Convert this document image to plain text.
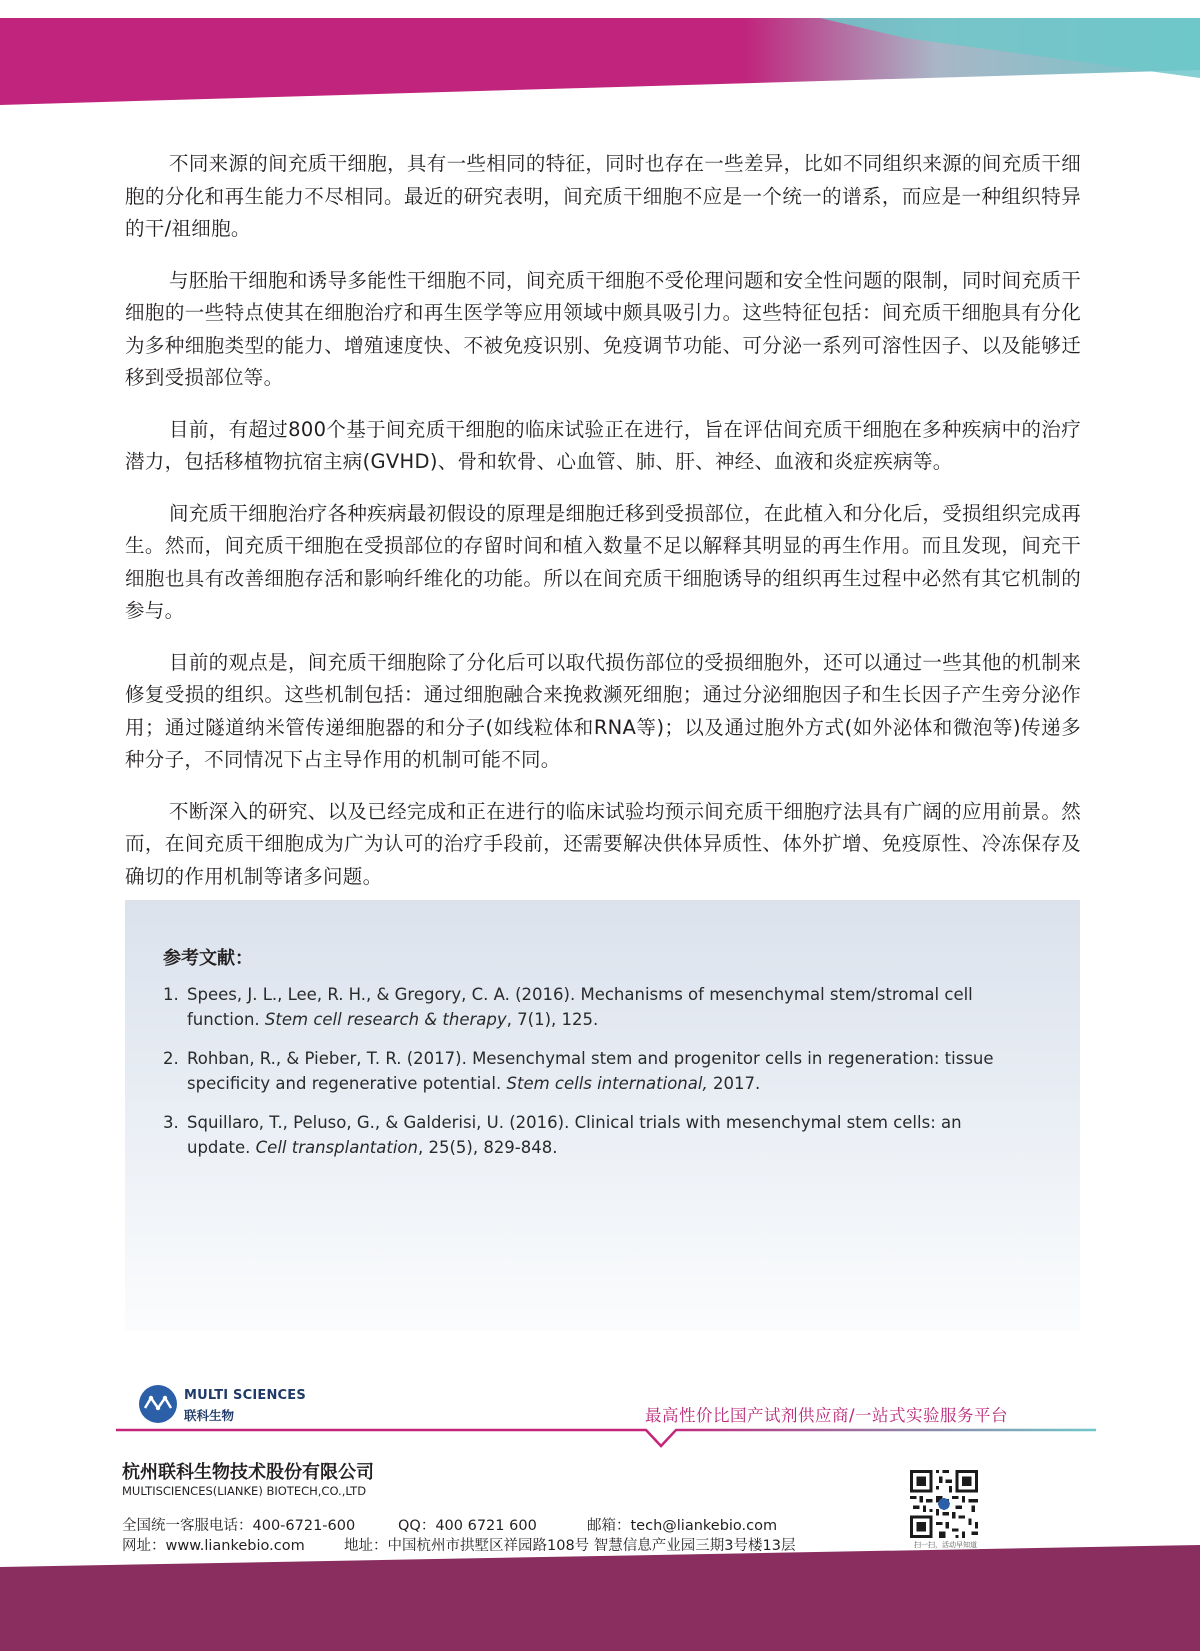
不同来源的间充质干细胞，具有一些相同的特征，同时也存在一些差异，比如不同组织来源的间充质干细胞的分化和再生能力不尽相同。最近的研究表明，间充质干细胞不应是一个统一的谱系，而应是一种组织特异的干/祖细胞。

与胚胎干细胞和诱导多能性干细胞不同，间充质干细胞不受伦理问题和安全性问题的限制，同时间充质干细胞的一些特点使其在细胞治疗和再生医学等应用领域中颇具吸引力。这些特征包括：间充质干细胞具有分化为多种细胞类型的能力、增殖速度快、不被免疫识别、免疫调节功能、可分泌一系列可溶性因子、以及能够迁移到受损部位等。

目前，有超过800个基于间充质干细胞的临床试验正在进行，旨在评估间充质干细胞在多种疾病中的治疗潜力，包括移植物抗宿主病(GVHD)、骨和软骨、心血管、肺、肝、神经、血液和炎症疾病等。

间充质干细胞治疗各种疾病最初假设的原理是细胞迁移到受损部位，在此植入和分化后，受损组织完成再生。然而，间充质干细胞在受损部位的存留时间和植入数量不足以解释其明显的再生作用。而且发现，间充干细胞也具有改善细胞存活和影响纤维化的功能。所以在间充质干细胞诱导的组织再生过程中必然有其它机制的参与。

目前的观点是，间充质干细胞除了分化后可以取代损伤部位的受损细胞外，还可以通过一些其他的机制来修复受损的组织。这些机制包括：通过细胞融合来挽救濒死细胞；通过分泌细胞因子和生长因子产生旁分泌作用；通过隧道纳米管传递细胞器的和分子(如线粒体和RNA等)；以及通过胞外方式(如外泌体和微泡等)传递多种分子，不同情况下占主导作用的机制可能不同。

不断深入的研究、以及已经完成和正在进行的临床试验均预示间充质干细胞疗法具有广阔的应用前景。然而，在间充质干细胞成为广为认可的治疗手段前，还需要解决供体异质性、体外扩增、免疫原性、冷冻保存及确切的作用机制等诸多问题。

参考文献：
1. Spees, J. L., Lee, R. H., & Gregory, C. A. (2016). Mechanisms of mesenchymal stem/stromal cell function. Stem cell research & therapy, 7(1), 125.
2. Rohban, R., & Pieber, T. R. (2017). Mesenchymal stem and progenitor cells in regeneration: tissue specificity and regenerative potential. Stem cells international, 2017.
3. Squillaro, T., Peluso, G., & Galderisi, U. (2016). Clinical trials with mesenchymal stem cells: an update. Cell transplantation, 25(5), 829-848.
MULTI SCIENCES
联科生物	最高性价比国产试剂供应商/一站式实验服务平台
杭州联科生物技术股份有限公司
MULTISCIENCES(LIANKE) BIOTECH,CO.,LTD
全国统一客服电话：400-6721-600	QQ：400 6721 600	邮箱：tech@liankebio.com
网址：www.liankebio.com	地址：中国杭州市拱墅区祥园路108号 智慧信息产业园三期3号楼13层	扫一扫，活动早知道
